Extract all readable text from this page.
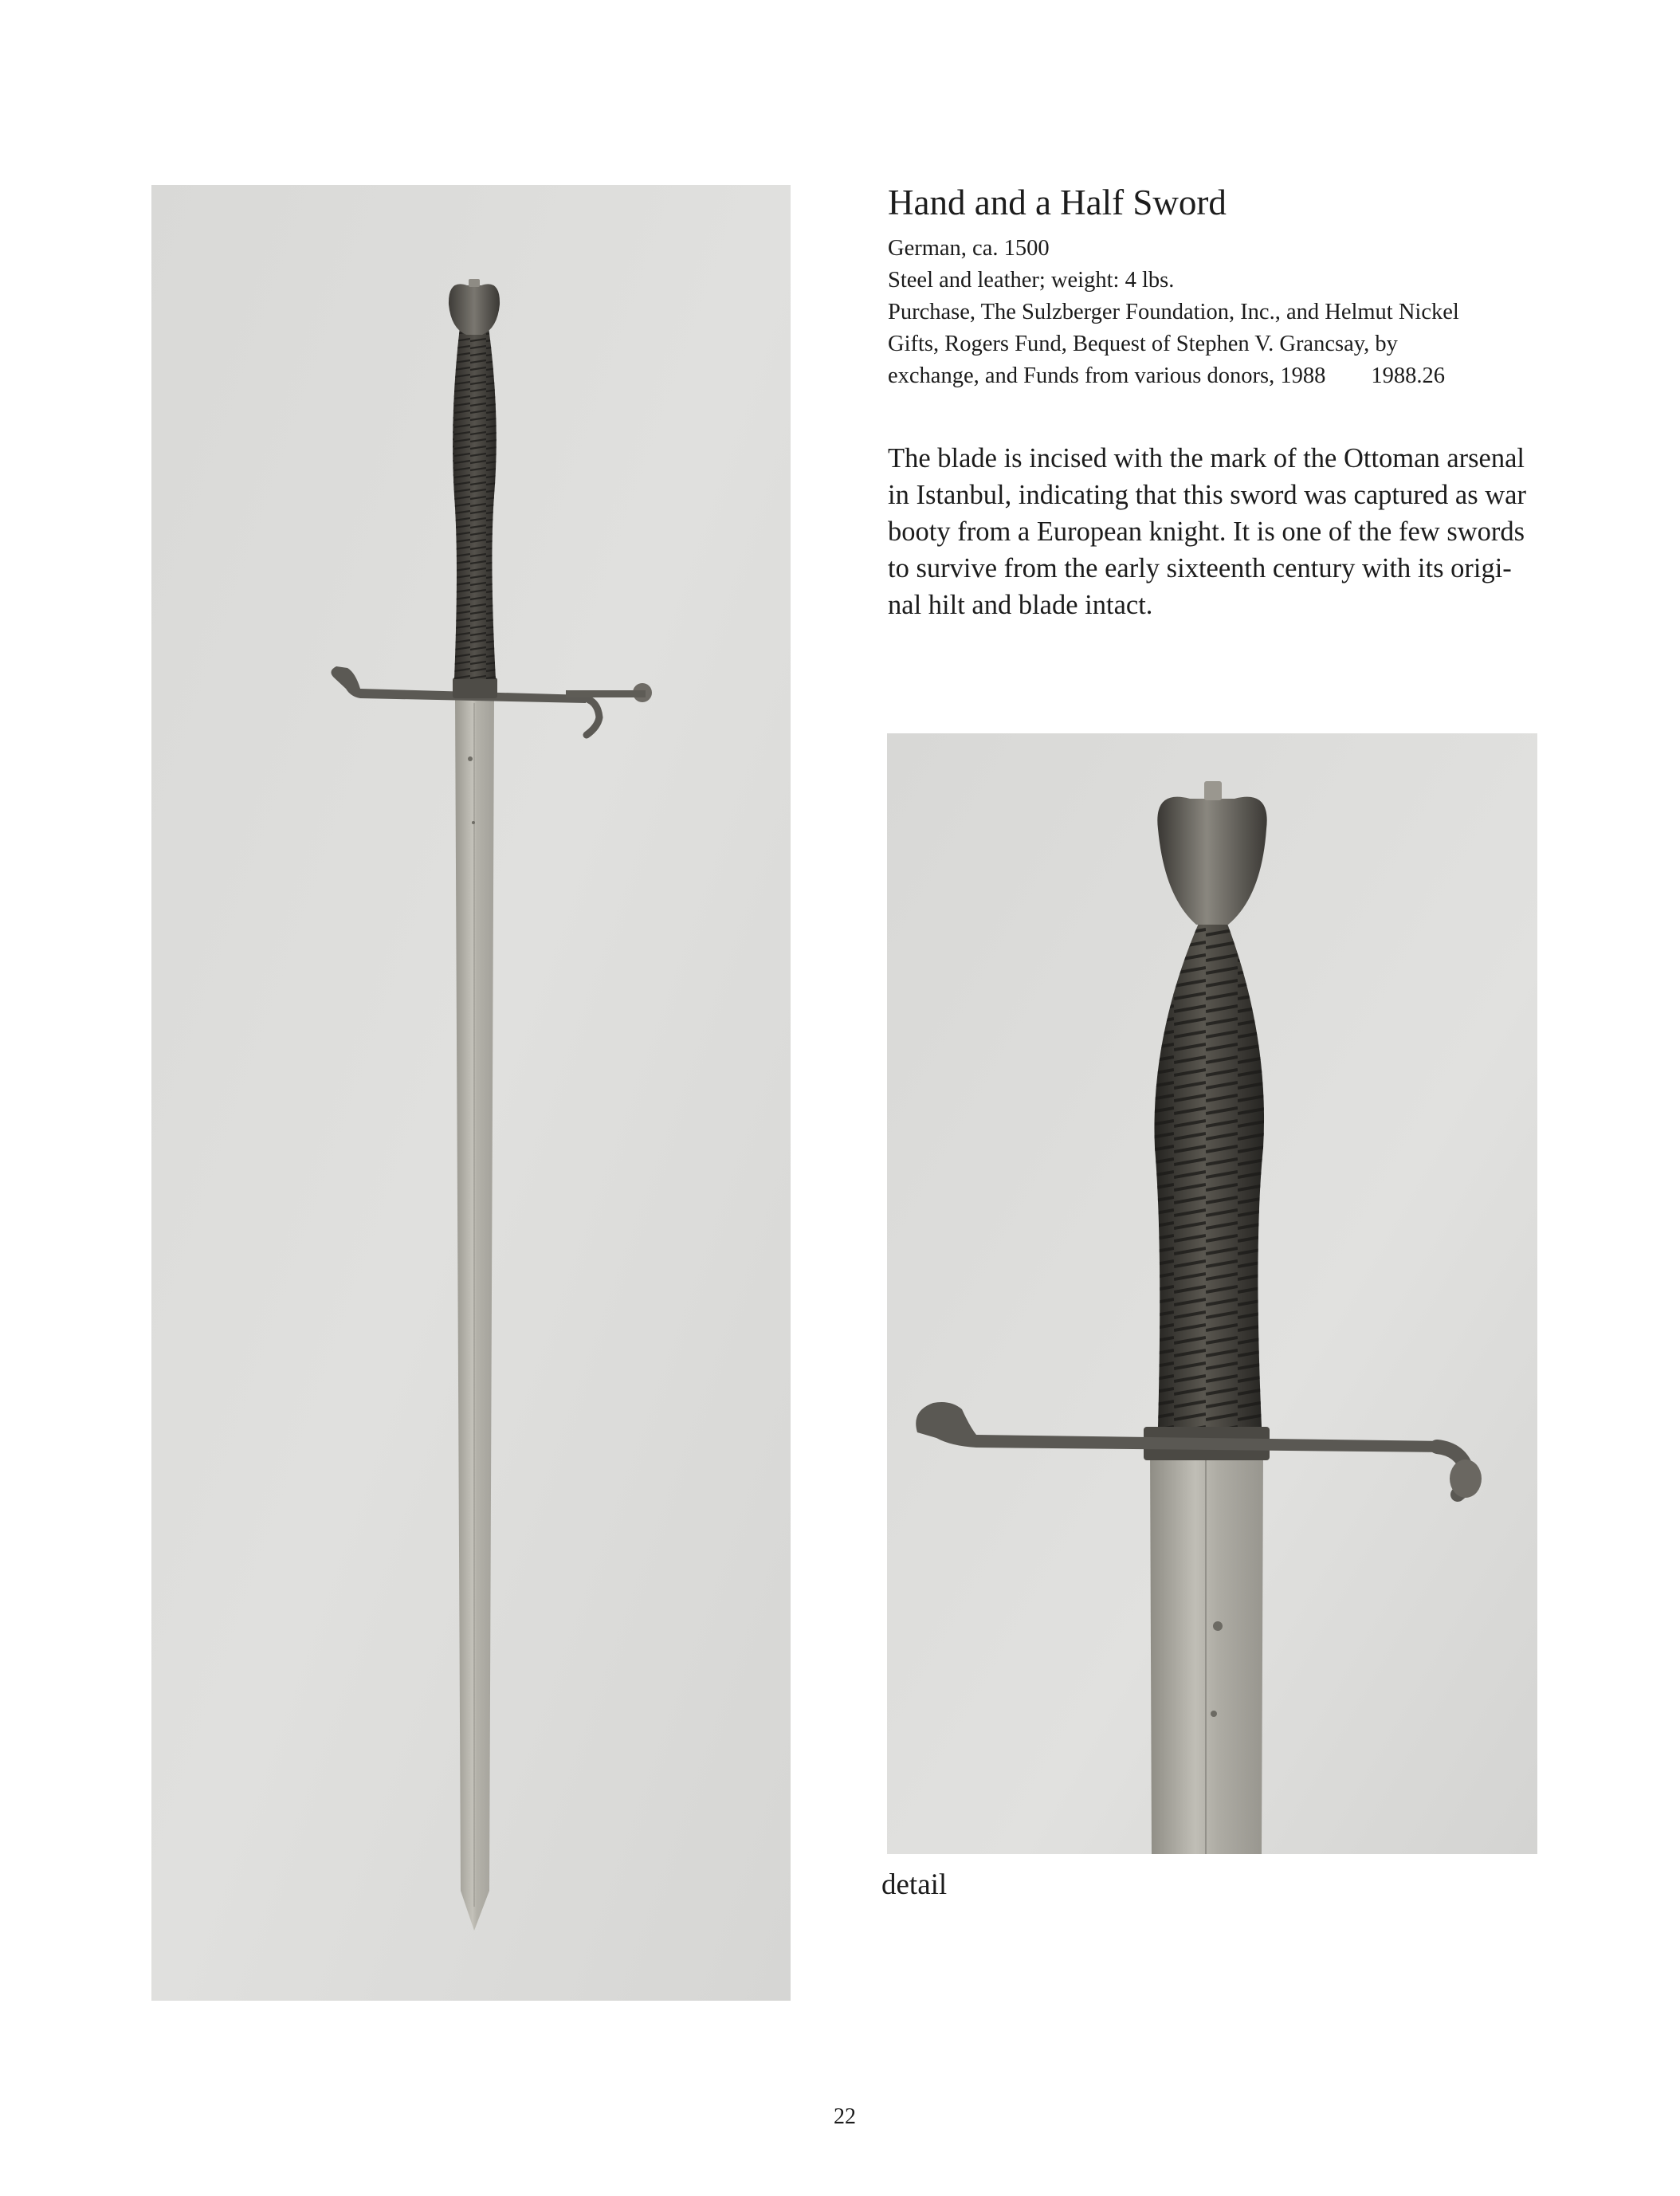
Hand and a Half Sword
German, ca. 1500
Steel and leather; weight: 4 lbs.
Purchase, The Sulzberger Foundation, Inc., and Helmut Nickel
Gifts, Rogers Fund, Bequest of Stephen V. Grancsay, by
exchange, and Funds from various donors, 1988  1988.26
The blade is incised with the mark of the Ottoman arsenal
in Istanbul, indicating that this sword was captured as war
booty from a European knight. It is one of the few swords
to survive from the early sixteenth century with its origi-
nal hilt and blade intact.
detail
22
